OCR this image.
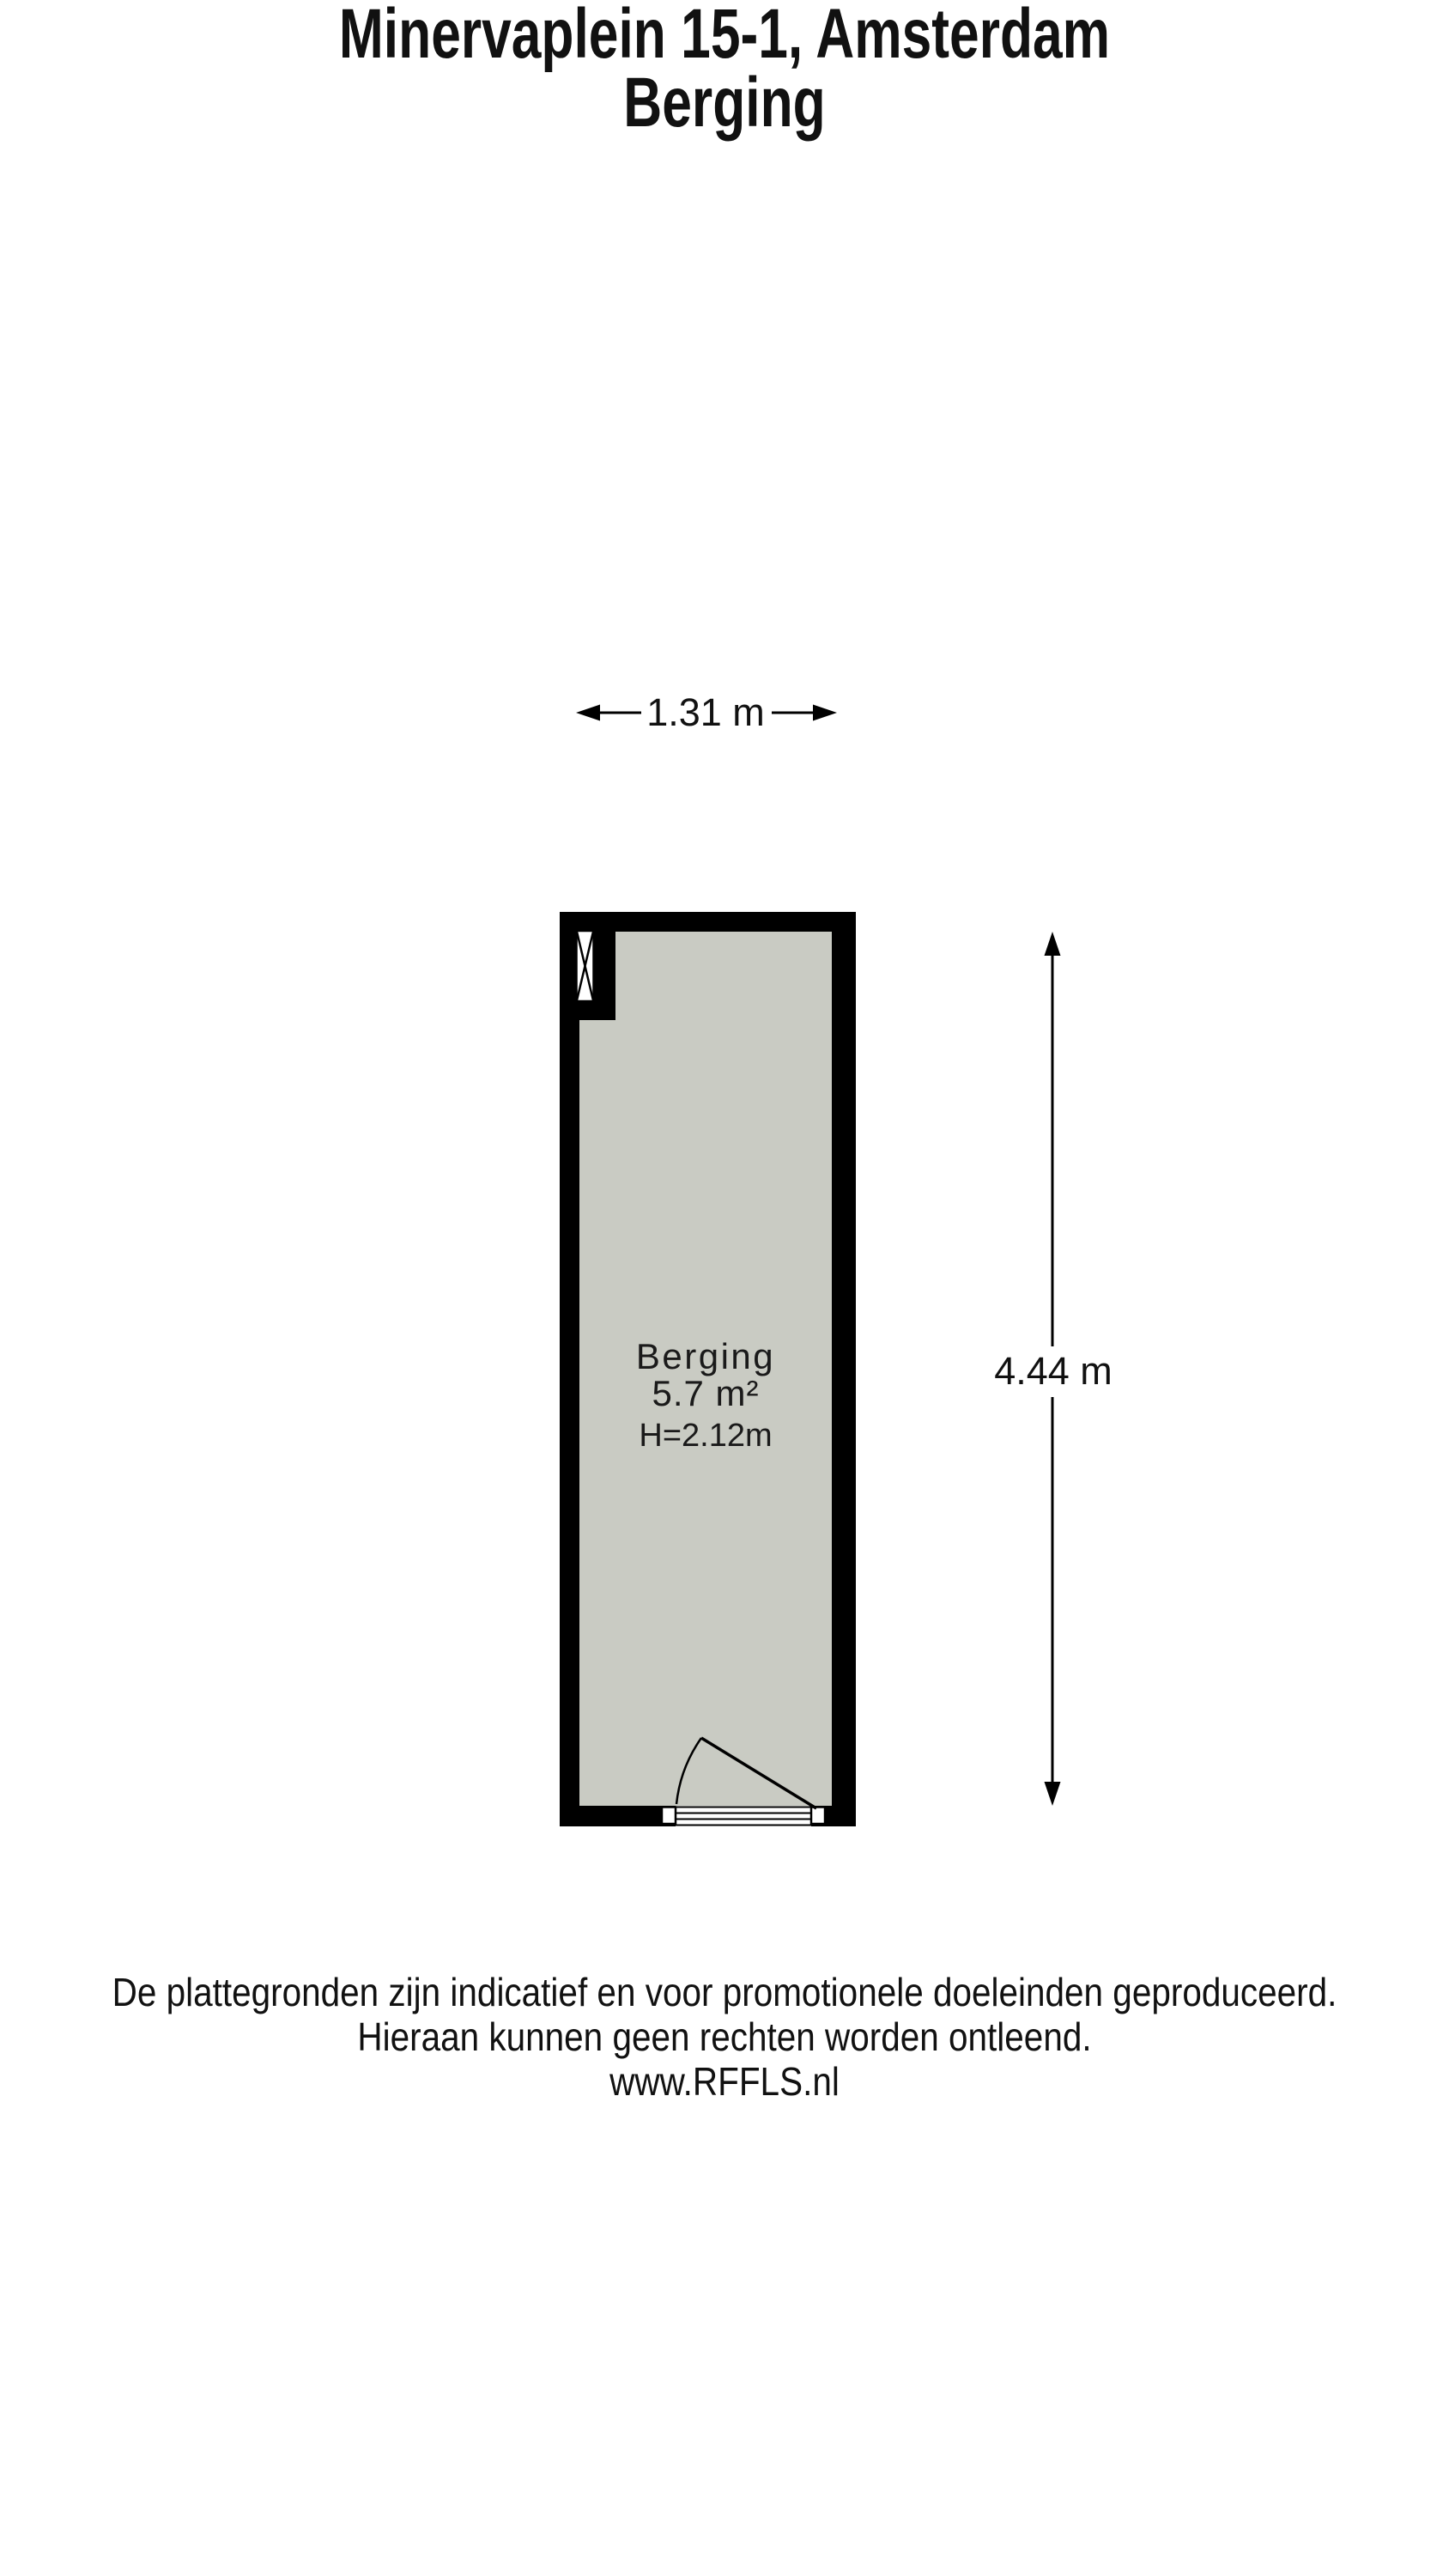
Minervaplein 15-1, Amsterdam
Berging
1.31 m
4.44 m
Berging
5.7 m²
H=2.12m
De plattegronden zijn indicatief en voor promotionele doeleinden geproduceerd.
Hieraan kunnen geen rechten worden ontleend.
www.RFFLS.nl
